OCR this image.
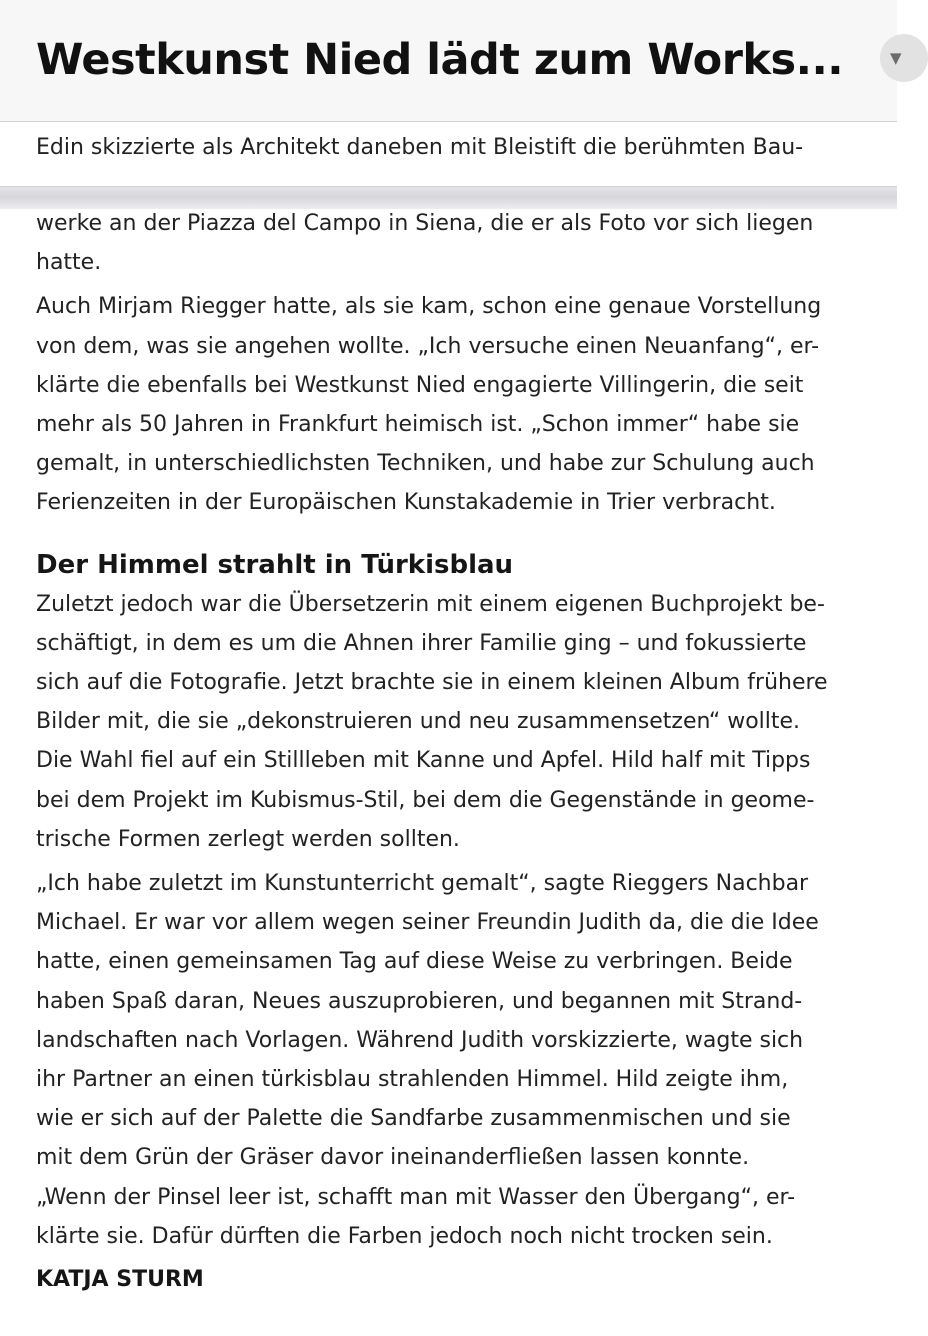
Westkunst Nied lädt zum Works...	▼

Edin skizzierte als Architekt daneben mit Bleistift die berühmten Bau-

werke an der Piazza del Campo in Siena, die er als Foto vor sich liegen
hatte.

Auch Mirjam Riegger hatte, als sie kam, schon eine genaue Vorstellung
von dem, was sie angehen wollte. „Ich versuche einen Neuanfang“, er-
klärte die ebenfalls bei Westkunst Nied engagierte Villingerin, die seit
mehr als 50 Jahren in Frankfurt heimisch ist. „Schon immer“ habe sie
gemalt, in unterschiedlichsten Techniken, und habe zur Schulung auch
Ferienzeiten in der Europäischen Kunstakademie in Trier verbracht.

Der Himmel strahlt in Türkisblau

Zuletzt jedoch war die Übersetzerin mit einem eigenen Buchprojekt be-
schäftigt, in dem es um die Ahnen ihrer Familie ging – und fokussierte
sich auf die Fotografie. Jetzt brachte sie in einem kleinen Album frühere
Bilder mit, die sie „dekonstruieren und neu zusammensetzen“ wollte.
Die Wahl fiel auf ein Stillleben mit Kanne und Apfel. Hild half mit Tipps
bei dem Projekt im Kubismus-Stil, bei dem die Gegenstände in geome-
trische Formen zerlegt werden sollten.

„Ich habe zuletzt im Kunstunterricht gemalt“, sagte Rieggers Nachbar
Michael. Er war vor allem wegen seiner Freundin Judith da, die die Idee
hatte, einen gemeinsamen Tag auf diese Weise zu verbringen. Beide
haben Spaß daran, Neues auszuprobieren, und begannen mit Strand-
landschaften nach Vorlagen. Während Judith vorskizzierte, wagte sich
ihr Partner an einen türkisblau strahlenden Himmel. Hild zeigte ihm,
wie er sich auf der Palette die Sandfarbe zusammenmischen und sie
mit dem Grün der Gräser davor ineinanderfließen lassen konnte.
„Wenn der Pinsel leer ist, schafft man mit Wasser den Übergang“, er-
klärte sie. Dafür dürften die Farben jedoch noch nicht trocken sein.

KATJA STURM
